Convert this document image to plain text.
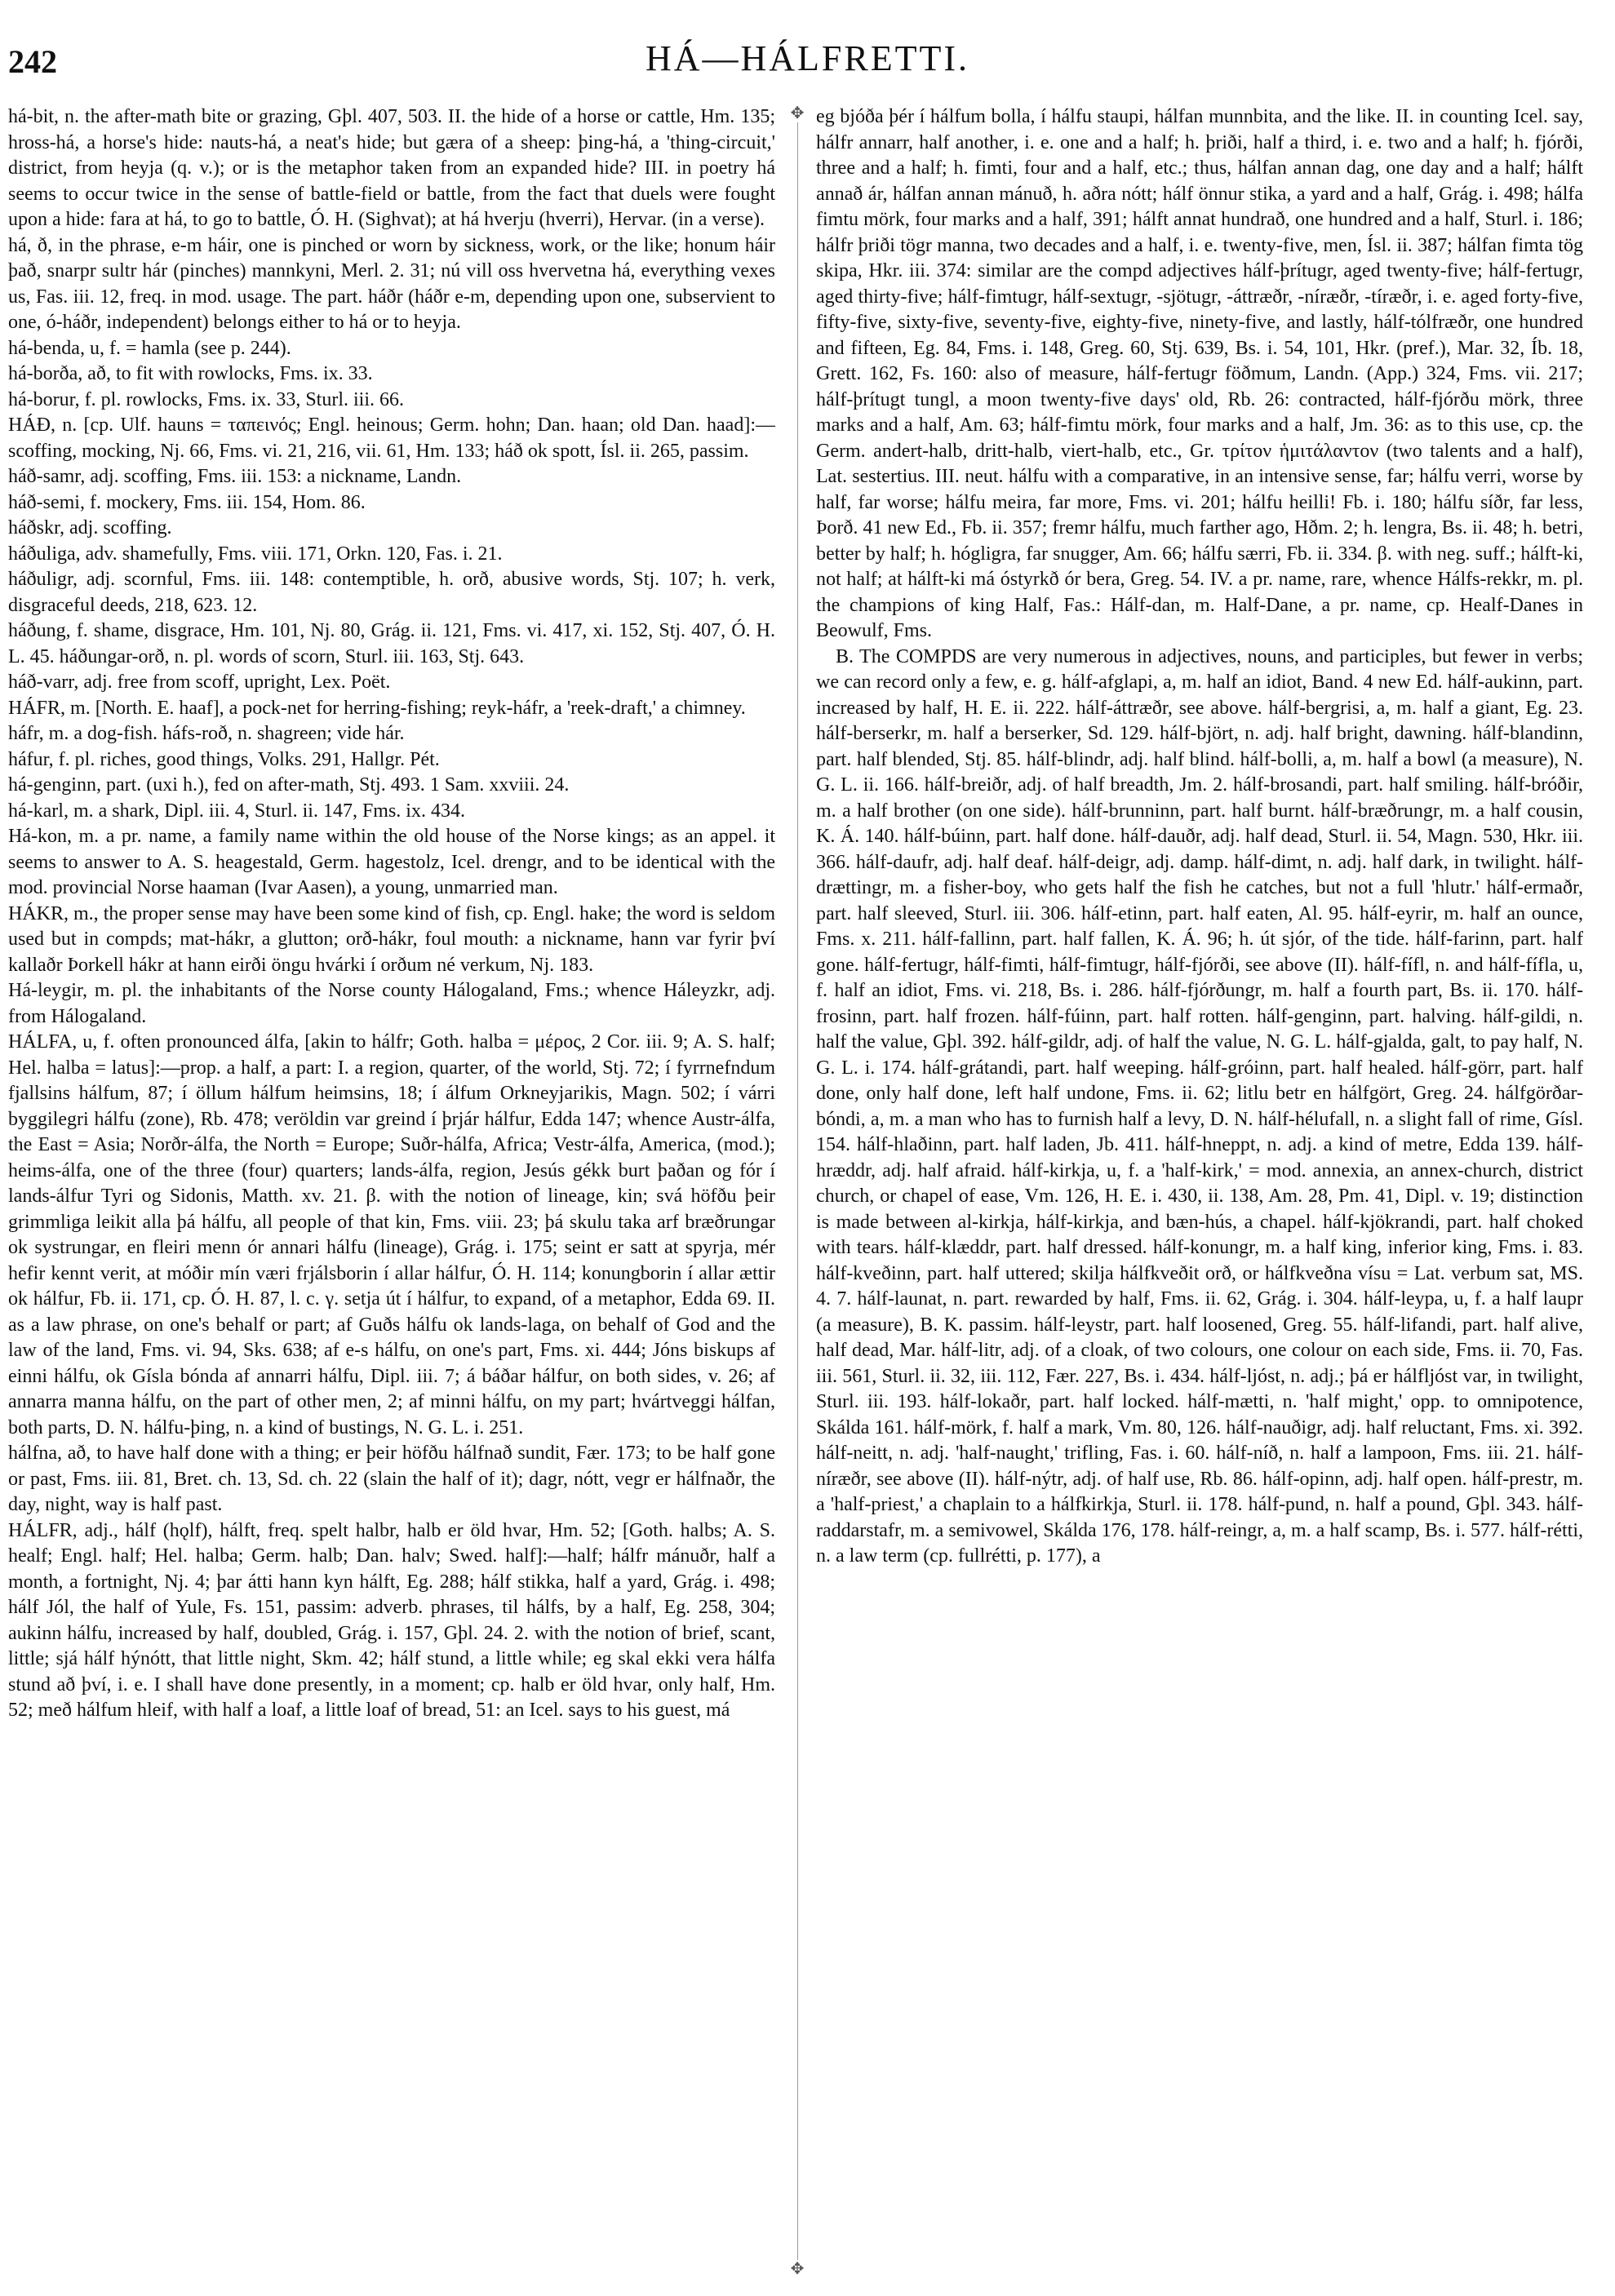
242	HÁ—HÁLFRETTI.
✥
✥

há-bit, n. the after-math bite or grazing, Gþl. 407, 503. II. the hide of a horse or cattle, Hm. 135; hross-há, a horse's hide: nauts-há, a neat's hide; but gæra of a sheep: þing-há, a 'thing-circuit,' district, from heyja (q. v.); or is the metaphor taken from an expanded hide? III. in poetry há seems to occur twice in the sense of battle-field or battle, from the fact that duels were fought upon a hide: fara at há, to go to battle, Ó. H. (Sighvat); at há hverju (hverri), Hervar. (in a verse).

há, ð, in the phrase, e-m háir, one is pinched or worn by sickness, work, or the like; honum háir það, snarpr sultr hár (pinches) mannkyni, Merl. 2. 31; nú vill oss hvervetna há, everything vexes us, Fas. iii. 12, freq. in mod. usage. The part. háðr (háðr e-m, depending upon one, subservient to one, ó-háðr, independent) belongs either to há or to heyja.

há-benda, u, f. = hamla (see p. 244).

há-borða, að, to fit with rowlocks, Fms. ix. 33.

há-borur, f. pl. rowlocks, Fms. ix. 33, Sturl. iii. 66.

HÁÐ, n. [cp. Ulf. hauns = ταπεινός; Engl. heinous; Germ. hohn; Dan. haan; old Dan. haad]:—scoffing, mocking, Nj. 66, Fms. vi. 21, 216, vii. 61, Hm. 133; háð ok spott, Ísl. ii. 265, passim.

háð-samr, adj. scoffing, Fms. iii. 153: a nickname, Landn.

háð-semi, f. mockery, Fms. iii. 154, Hom. 86.

háðskr, adj. scoffing.

háðuliga, adv. shamefully, Fms. viii. 171, Orkn. 120, Fas. i. 21.

háðuligr, adj. scornful, Fms. iii. 148: contemptible, h. orð, abusive words, Stj. 107; h. verk, disgraceful deeds, 218, 623. 12.

háðung, f. shame, disgrace, Hm. 101, Nj. 80, Grág. ii. 121, Fms. vi. 417, xi. 152, Stj. 407, Ó. H. L. 45. háðungar-orð, n. pl. words of scorn, Sturl. iii. 163, Stj. 643.

háð-varr, adj. free from scoff, upright, Lex. Poët.

HÁFR, m. [North. E. haaf], a pock-net for herring-fishing; reyk-háfr, a 'reek-draft,' a chimney.

háfr, m. a dog-fish. háfs-roð, n. shagreen; vide hár.

háfur, f. pl. riches, good things, Volks. 291, Hallgr. Pét.

há-genginn, part. (uxi h.), fed on after-math, Stj. 493. 1 Sam. xxviii. 24.

há-karl, m. a shark, Dipl. iii. 4, Sturl. ii. 147, Fms. ix. 434.

Há-kon, m. a pr. name, a family name within the old house of the Norse kings; as an appel. it seems to answer to A. S. heagestald, Germ. hagestolz, Icel. drengr, and to be identical with the mod. provincial Norse haaman (Ivar Aasen), a young, unmarried man.

HÁKR, m., the proper sense may have been some kind of fish, cp. Engl. hake; the word is seldom used but in compds; mat-hákr, a glutton; orð-hákr, foul mouth: a nickname, hann var fyrir því kallaðr Þorkell hákr at hann eirði öngu hvárki í orðum né verkum, Nj. 183.

Há-leygir, m. pl. the inhabitants of the Norse county Hálogaland, Fms.; whence Háleyzkr, adj. from Hálogaland.

HÁLFA, u, f. often pronounced álfa, [akin to hálfr; Goth. halba = μέρος, 2 Cor. iii. 9; A. S. half; Hel. halba = latus]:—prop. a half, a part: I. a region, quarter, of the world, Stj. 72; í fyrrnefndum fjallsins hálfum, 87; í öllum hálfum heimsins, 18; í álfum Orkneyjarikis, Magn. 502; í várri byggilegri hálfu (zone), Rb. 478; veröldin var greind í þrjár hálfur, Edda 147; whence Austr-álfa, the East = Asia; Norðr-álfa, the North = Europe; Suðr-hálfa, Africa; Vestr-álfa, America, (mod.); heims-álfa, one of the three (four) quarters; lands-álfa, region, Jesús gékk burt þaðan og fór í lands-álfur Tyri og Sidonis, Matth. xv. 21. β. with the notion of lineage, kin; svá höfðu þeir grimmliga leikit alla þá hálfu, all people of that kin, Fms. viii. 23; þá skulu taka arf bræðrungar ok systrungar, en fleiri menn ór annari hálfu (lineage), Grág. i. 175; seint er satt at spyrja, mér hefir kennt verit, at móðir mín væri frjálsborin í allar hálfur, Ó. H. 114; konungborin í allar ættir ok hálfur, Fb. ii. 171, cp. Ó. H. 87, l. c. γ. setja út í hálfur, to expand, of a metaphor, Edda 69. II. as a law phrase, on one's behalf or part; af Guðs hálfu ok lands-laga, on behalf of God and the law of the land, Fms. vi. 94, Sks. 638; af e-s hálfu, on one's part, Fms. xi. 444; Jóns biskups af einni hálfu, ok Gísla bónda af annarri hálfu, Dipl. iii. 7; á báðar hálfur, on both sides, v. 26; af annarra manna hálfu, on the part of other men, 2; af minni hálfu, on my part; hvártveggi hálfan, both parts, D. N. hálfu-þing, n. a kind of bustings, N. G. L. i. 251.

hálfna, að, to have half done with a thing; er þeir höfðu hálfnað sundit, Fær. 173; to be half gone or past, Fms. iii. 81, Bret. ch. 13, Sd. ch. 22 (slain the half of it); dagr, nótt, vegr er hálfnaðr, the day, night, way is half past.

HÁLFR, adj., hálf (hǫlf), hálft, freq. spelt halbr, halb er öld hvar, Hm. 52; [Goth. halbs; A. S. healf; Engl. half; Hel. halba; Germ. halb; Dan. halv; Swed. half]:—half; hálfr mánuðr, half a month, a fortnight, Nj. 4; þar átti hann kyn hálft, Eg. 288; hálf stikka, half a yard, Grág. i. 498; hálf Jól, the half of Yule, Fs. 151, passim: adverb. phrases, til hálfs, by a half, Eg. 258, 304; aukinn hálfu, increased by half, doubled, Grág. i. 157, Gþl. 24. 2. with the notion of brief, scant, little; sjá hálf hýnótt, that little night, Skm. 42; hálf stund, a little while; eg skal ekki vera hálfa stund að því, i. e. I shall have done presently, in a moment; cp. halb er öld hvar, only half, Hm. 52; með hálfum hleif, with half a loaf, a little loaf of bread, 51: an Icel. says to his guest, má

eg bjóða þér í hálfum bolla, í hálfu staupi, hálfan munnbita, and the like. II. in counting Icel. say, hálfr annarr, half another, i. e. one and a half; h. þriði, half a third, i. e. two and a half; h. fjórði, three and a half; h. fimti, four and a half, etc.; thus, hálfan annan dag, one day and a half; hálft annað ár, hálfan annan mánuð, h. aðra nótt; hálf önnur stika, a yard and a half, Grág. i. 498; hálfa fimtu mörk, four marks and a half, 391; hálft annat hundrað, one hundred and a half, Sturl. i. 186; hálfr þriði tögr manna, two decades and a half, i. e. twenty-five, men, Ísl. ii. 387; hálfan fimta tög skipa, Hkr. iii. 374: similar are the compd adjectives hálf-þrítugr, aged twenty-five; hálf-fertugr, aged thirty-five; hálf-fimtugr, hálf-sextugr, -sjötugr, -áttræðr, -níræðr, -tíræðr, i. e. aged forty-five, fifty-five, sixty-five, seventy-five, eighty-five, ninety-five, and lastly, hálf-tólfræðr, one hundred and fifteen, Eg. 84, Fms. i. 148, Greg. 60, Stj. 639, Bs. i. 54, 101, Hkr. (pref.), Mar. 32, Íb. 18, Grett. 162, Fs. 160: also of measure, hálf-fertugr föðmum, Landn. (App.) 324, Fms. vii. 217; hálf-þrítugt tungl, a moon twenty-five days' old, Rb. 26: contracted, hálf-fjórðu mörk, three marks and a half, Am. 63; hálf-fimtu mörk, four marks and a half, Jm. 36: as to this use, cp. the Germ. andert-halb, dritt-halb, viert-halb, etc., Gr. τρίτον ἡμιτάλαντον (two talents and a half), Lat. sestertius. III. neut. hálfu with a comparative, in an intensive sense, far; hálfu verri, worse by half, far worse; hálfu meira, far more, Fms. vi. 201; hálfu heilli! Fb. i. 180; hálfu síðr, far less, Þorð. 41 new Ed., Fb. ii. 357; fremr hálfu, much farther ago, Hðm. 2; h. lengra, Bs. ii. 48; h. betri, better by half; h. hógligra, far snugger, Am. 66; hálfu særri, Fb. ii. 334. β. with neg. suff.; hálft-ki, not half; at hálft-ki má óstyrkð ór bera, Greg. 54. IV. a pr. name, rare, whence Hálfs-rekkr, m. pl. the champions of king Half, Fas.: Hálf-dan, m. Half-Dane, a pr. name, cp. Healf-Danes in Beowulf, Fms.

B. The COMPDS are very numerous in adjectives, nouns, and participles, but fewer in verbs; we can record only a few, e. g. hálf-afglapi, a, m. half an idiot, Band. 4 new Ed. hálf-aukinn, part. increased by half, H. E. ii. 222. hálf-áttræðr, see above. hálf-bergrisi, a, m. half a giant, Eg. 23. hálf-berserkr, m. half a berserker, Sd. 129. hálf-björt, n. adj. half bright, dawning. hálf-blandinn, part. half blended, Stj. 85. hálf-blindr, adj. half blind. hálf-bolli, a, m. half a bowl (a measure), N. G. L. ii. 166. hálf-breiðr, adj. of half breadth, Jm. 2. hálf-brosandi, part. half smiling. hálf-bróðir, m. a half brother (on one side). hálf-brunninn, part. half burnt. hálf-bræðrungr, m. a half cousin, K. Á. 140. hálf-búinn, part. half done. hálf-dauðr, adj. half dead, Sturl. ii. 54, Magn. 530, Hkr. iii. 366. hálf-daufr, adj. half deaf. hálf-deigr, adj. damp. hálf-dimt, n. adj. half dark, in twilight. hálf-drættingr, m. a fisher-boy, who gets half the fish he catches, but not a full 'hlutr.' hálf-ermaðr, part. half sleeved, Sturl. iii. 306. hálf-etinn, part. half eaten, Al. 95. hálf-eyrir, m. half an ounce, Fms. x. 211. hálf-fallinn, part. half fallen, K. Á. 96; h. út sjór, of the tide. hálf-farinn, part. half gone. hálf-fertugr, hálf-fimti, hálf-fimtugr, hálf-fjórði, see above (II). hálf-fífl, n. and hálf-fífla, u, f. half an idiot, Fms. vi. 218, Bs. i. 286. hálf-fjórðungr, m. half a fourth part, Bs. ii. 170. hálf-frosinn, part. half frozen. hálf-fúinn, part. half rotten. hálf-genginn, part. halving. hálf-gildi, n. half the value, Gþl. 392. hálf-gildr, adj. of half the value, N. G. L. hálf-gjalda, galt, to pay half, N. G. L. i. 174. hálf-grátandi, part. half weeping. hálf-gróinn, part. half healed. hálf-görr, part. half done, only half done, left half undone, Fms. ii. 62; litlu betr en hálfgört, Greg. 24. hálfgörðar-bóndi, a, m. a man who has to furnish half a levy, D. N. hálf-hélufall, n. a slight fall of rime, Gísl. 154. hálf-hlaðinn, part. half laden, Jb. 411. hálf-hneppt, n. adj. a kind of metre, Edda 139. hálf-hræddr, adj. half afraid. hálf-kirkja, u, f. a 'half-kirk,' = mod. annexia, an annex-church, district church, or chapel of ease, Vm. 126, H. E. i. 430, ii. 138, Am. 28, Pm. 41, Dipl. v. 19; distinction is made between al-kirkja, hálf-kirkja, and bæn-hús, a chapel. hálf-kjökrandi, part. half choked with tears. hálf-klæddr, part. half dressed. hálf-konungr, m. a half king, inferior king, Fms. i. 83. hálf-kveðinn, part. half uttered; skilja hálfkveðit orð, or hálfkveðna vísu = Lat. verbum sat, MS. 4. 7. hálf-launat, n. part. rewarded by half, Fms. ii. 62, Grág. i. 304. hálf-leypa, u, f. a half laupr (a measure), B. K. passim. hálf-leystr, part. half loosened, Greg. 55. hálf-lifandi, part. half alive, half dead, Mar. hálf-litr, adj. of a cloak, of two colours, one colour on each side, Fms. ii. 70, Fas. iii. 561, Sturl. ii. 32, iii. 112, Fær. 227, Bs. i. 434. hálf-ljóst, n. adj.; þá er hálfljóst var, in twilight, Sturl. iii. 193. hálf-lokaðr, part. half locked. hálf-mætti, n. 'half might,' opp. to omnipotence, Skálda 161. hálf-mörk, f. half a mark, Vm. 80, 126. hálf-nauðigr, adj. half reluctant, Fms. xi. 392. hálf-neitt, n. adj. 'half-naught,' trifling, Fas. i. 60. hálf-níð, n. half a lampoon, Fms. iii. 21. hálf-níræðr, see above (II). hálf-nýtr, adj. of half use, Rb. 86. hálf-opinn, adj. half open. hálf-prestr, m. a 'half-priest,' a chaplain to a hálfkirkja, Sturl. ii. 178. hálf-pund, n. half a pound, Gþl. 343. hálf-raddarstafr, m. a semivowel, Skálda 176, 178. hálf-reingr, a, m. a half scamp, Bs. i. 577. hálf-rétti, n. a law term (cp. fullrétti, p. 177), a
